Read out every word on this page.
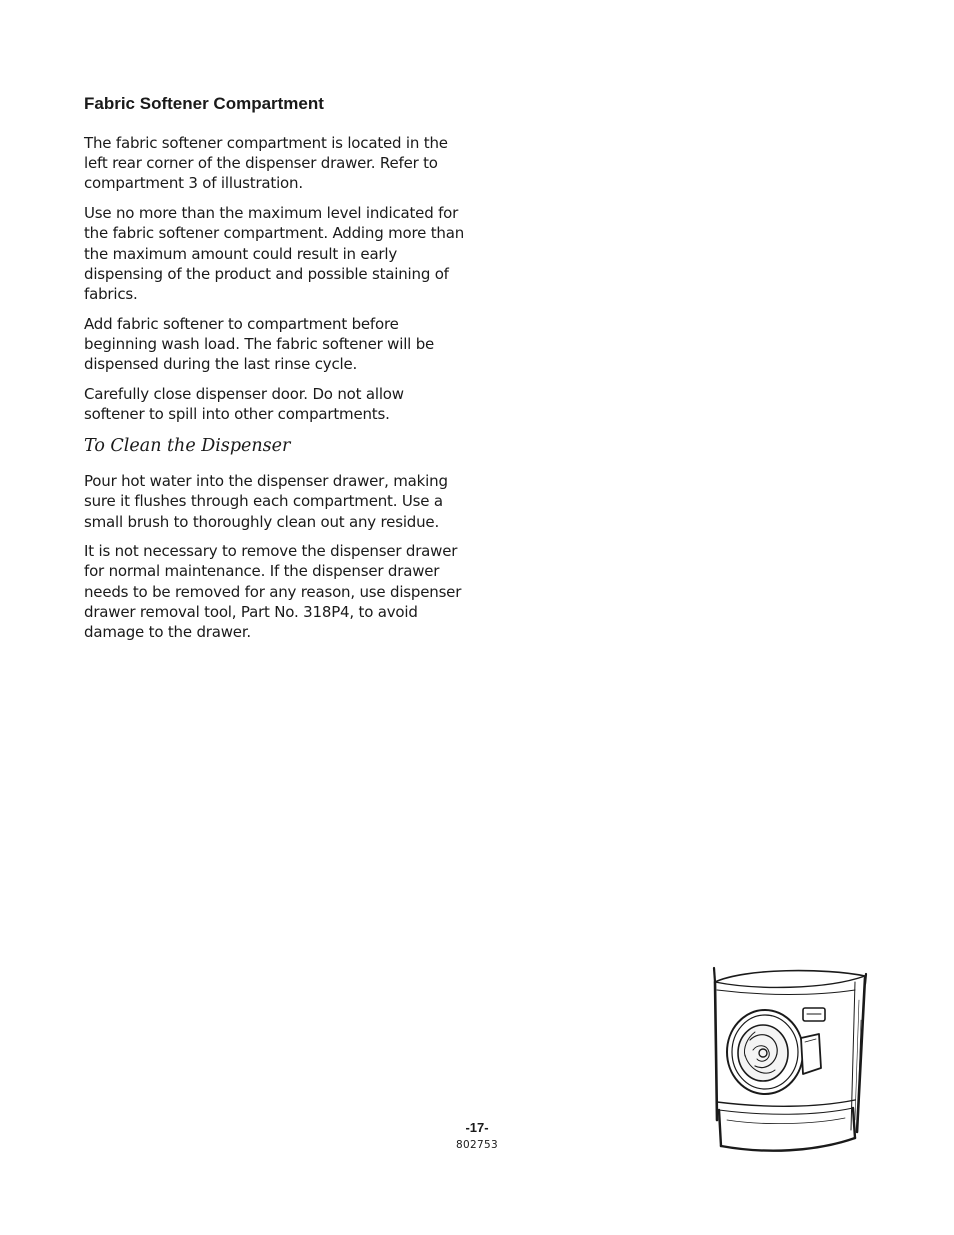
Fabric Softener Compartment

The fabric softener compartment is located in the left rear corner of the dispenser drawer. Refer to compartment 3 of illustration.

Use no more than the maximum level indicated for the fabric softener compartment. Adding more than the maximum amount could result in early dispensing of the product and possible staining of fabrics.

Add fabric softener to compartment before beginning wash load. The fabric softener will be dispensed during the last rinse cycle.

Carefully close dispenser door. Do not allow softener to spill into other compartments.

To Clean the Dispenser

Pour hot water into the dispenser drawer, making sure it flushes through each compartment. Use a small brush to thoroughly clean out any residue.

It is not necessary to remove the dispenser drawer for normal maintenance. If the dispenser drawer needs to be removed for any reason, use dispenser drawer removal tool, Part No. 318P4, to avoid damage to the drawer.

-17-
802753
